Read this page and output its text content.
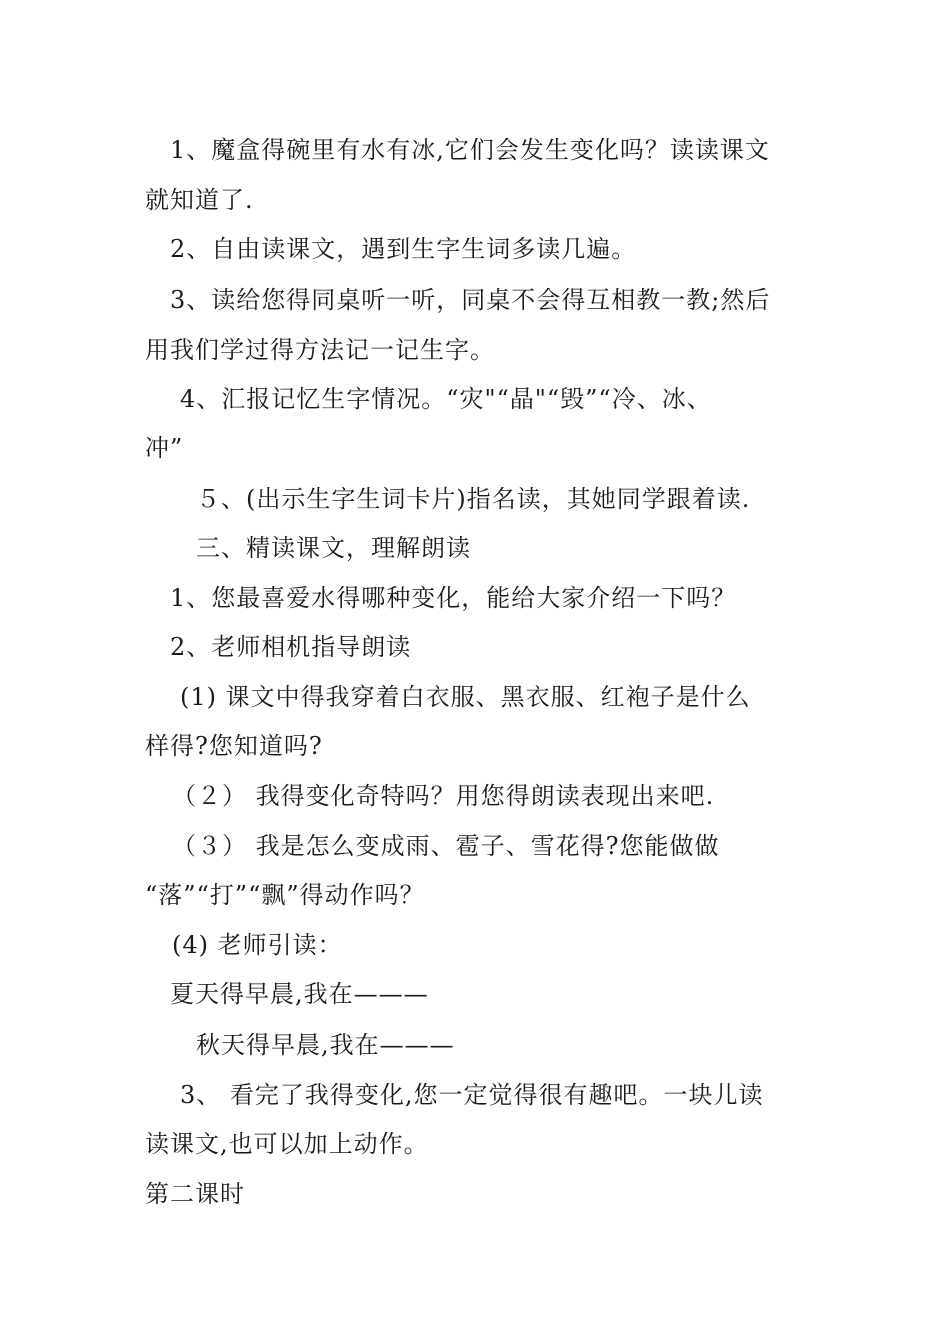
1、魔盒得碗里有水有冰,它们会发生变化吗？读读课文
就知道了.
2、自由读课文，遇到生字生词多读几遍。
3、读给您得同桌听一听，同桌不会得互相教一教;然后
用我们学过得方法记一记生字。
4、汇报记忆生字情况。“灾"“晶"“毁”“冷、冰、
冲”
５、(出示生字生词卡片)指名读，其她同学跟着读.
三、精读课文，理解朗读
1、您最喜爱水得哪种变化，能给大家介绍一下吗？
2、老师相机指导朗读
(1) 课文中得我穿着白衣服、黑衣服、红袍子是什么
样得?您知道吗?
（２） 我得变化奇特吗？用您得朗读表现出来吧.
（３） 我是怎么变成雨、雹子、雪花得?您能做做
“落”“打”“飘”得动作吗？
(4) 老师引读：
夏天得早晨,我在———
秋天得早晨,我在———
3、 看完了我得变化,您一定觉得很有趣吧。一块儿读
读课文,也可以加上动作。
第二课时
